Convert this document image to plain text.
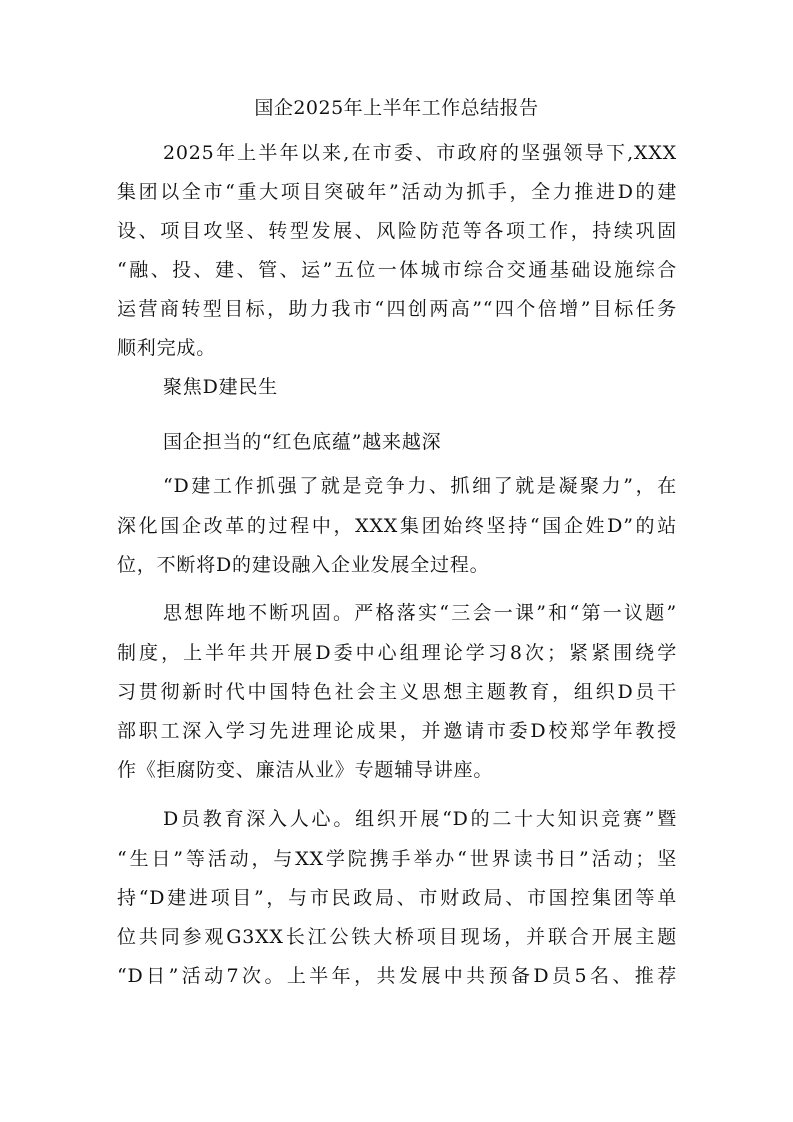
国企2025年上半年工作总结报告
2025年上半年以来,在市委、市政府的坚强领导下,XXX
集团以全市“重大项目突破年”活动为抓手，全力推进D的建
设、项目攻坚、转型发展、风险防范等各项工作，持续巩固
“融、投、建、管、运”五位一体城市综合交通基础设施综合
运营商转型目标，助力我市“四创两高”“四个倍增”目标任务
顺利完成。
聚焦D建民生
国企担当的“红色底蕴”越来越深
“D建工作抓强了就是竞争力、抓细了就是凝聚力”，在
深化国企改革的过程中，XXX集团始终坚持“国企姓D”的站
位，不断将D的建设融入企业发展全过程。
思想阵地不断巩固。严格落实“三会一课”和“第一议题”
制度，上半年共开展D委中心组理论学习8次；紧紧围绕学
习贯彻新时代中国特色社会主义思想主题教育，组织D员干
部职工深入学习先进理论成果，并邀请市委D校郑学年教授
作《拒腐防变、廉洁从业》专题辅导讲座。
D员教育深入人心。组织开展“D的二十大知识竞赛”暨
“生日”等活动，与XX学院携手举办“世界读书日”活动；坚
持“D建进项目”，与市民政局、市财政局、市国控集团等单
位共同参观G3XX长江公铁大桥项目现场，并联合开展主题
“D日”活动7次。上半年，共发展中共预备D员5名、推荐
